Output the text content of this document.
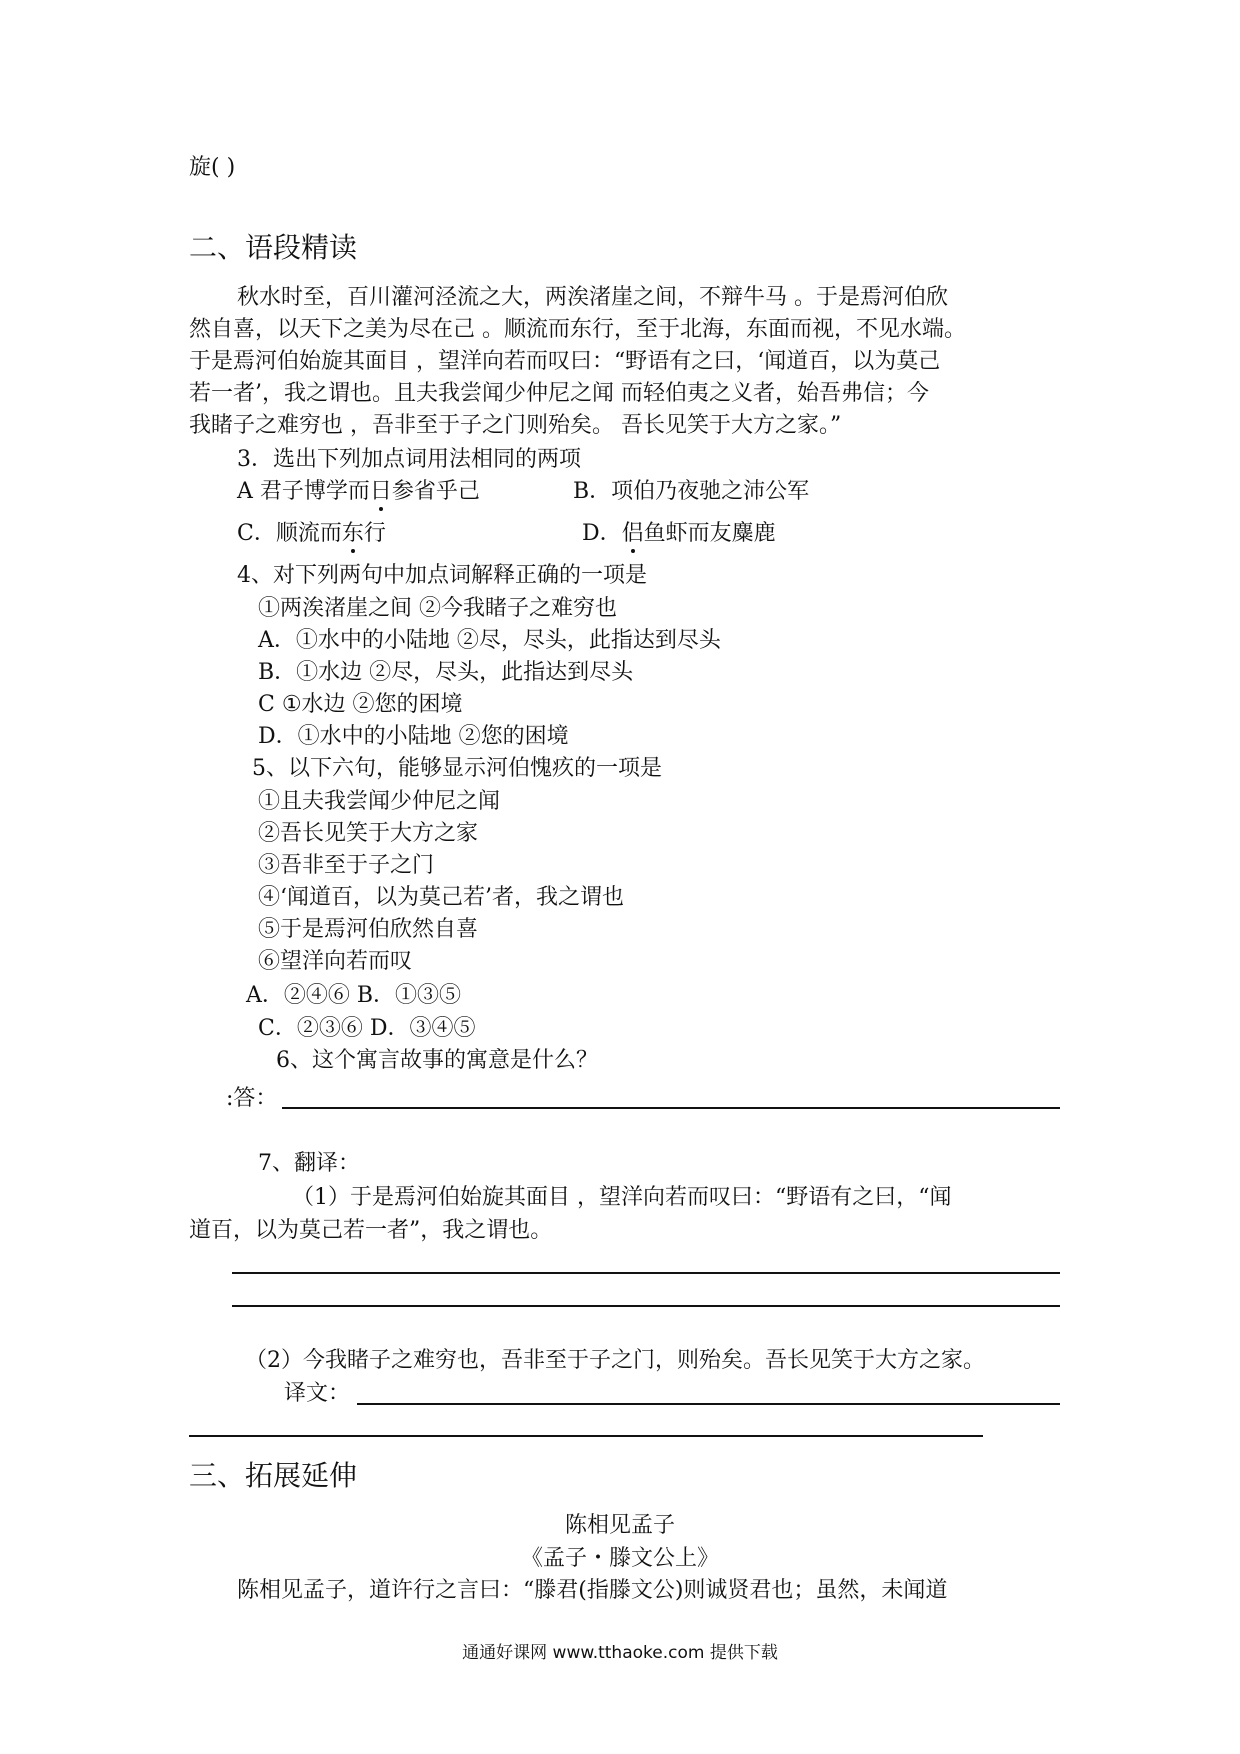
旋( )
二、语段精读
秋水时至，百川灌河泾流之大，两涘渚崖之间，不辩牛马 。于是焉河伯欣
然自喜，以天下之美为尽在己 。顺流而东行，至于北海，东面而视，不见水端。
于是焉河伯始旋其面目 ，望洋向若而叹曰：“野语有之曰，‘闻道百，以为莫己
若一者’，我之谓也。且夫我尝闻少仲尼之闻 而轻伯夷之义者，始吾弗信；今
我睹子之难穷也 ，吾非至于子之门则殆矣。 吾长见笑于大方之家。”
3．选出下列加点词用法相同的两项
A 君子博学而日参省乎己	B．项伯乃夜驰之沛公军
C．顺流而东行	D．侣鱼虾而友麋鹿
4、对下列两句中加点词解释正确的一项是
①两涘渚崖之间 ②今我睹子之难穷也
A．①水中的小陆地 ②尽，尽头，此指达到尽头
B．①水边 ②尽，尽头，此指达到尽头
C ①水边 ②您的困境
D．①水中的小陆地 ②您的困境
5、以下六句，能够显示河伯愧疚的一项是
①且夫我尝闻少仲尼之闻
②吾长见笑于大方之家
③吾非至于子之门
④‘闻道百，以为莫己若’者，我之谓也
⑤于是焉河伯欣然自喜
⑥望洋向若而叹
A．②④⑥ B．①③⑤
C．②③⑥ D．③④⑤
6、这个寓言故事的寓意是什么？
:答：
7、翻译：
（1）于是焉河伯始旋其面目 ，望洋向若而叹曰：“野语有之曰，“闻
道百，以为莫己若一者”，我之谓也。
（2）今我睹子之难穷也，吾非至于子之门，则殆矣。吾长见笑于大方之家。
译文：
三、拓展延伸
陈相见孟子
《孟子・滕文公上》
陈相见孟子，道许行之言曰：“滕君(指滕文公)则诚贤君也；虽然，未闻道
通通好课网 www.tthaoke.com 提供下载
